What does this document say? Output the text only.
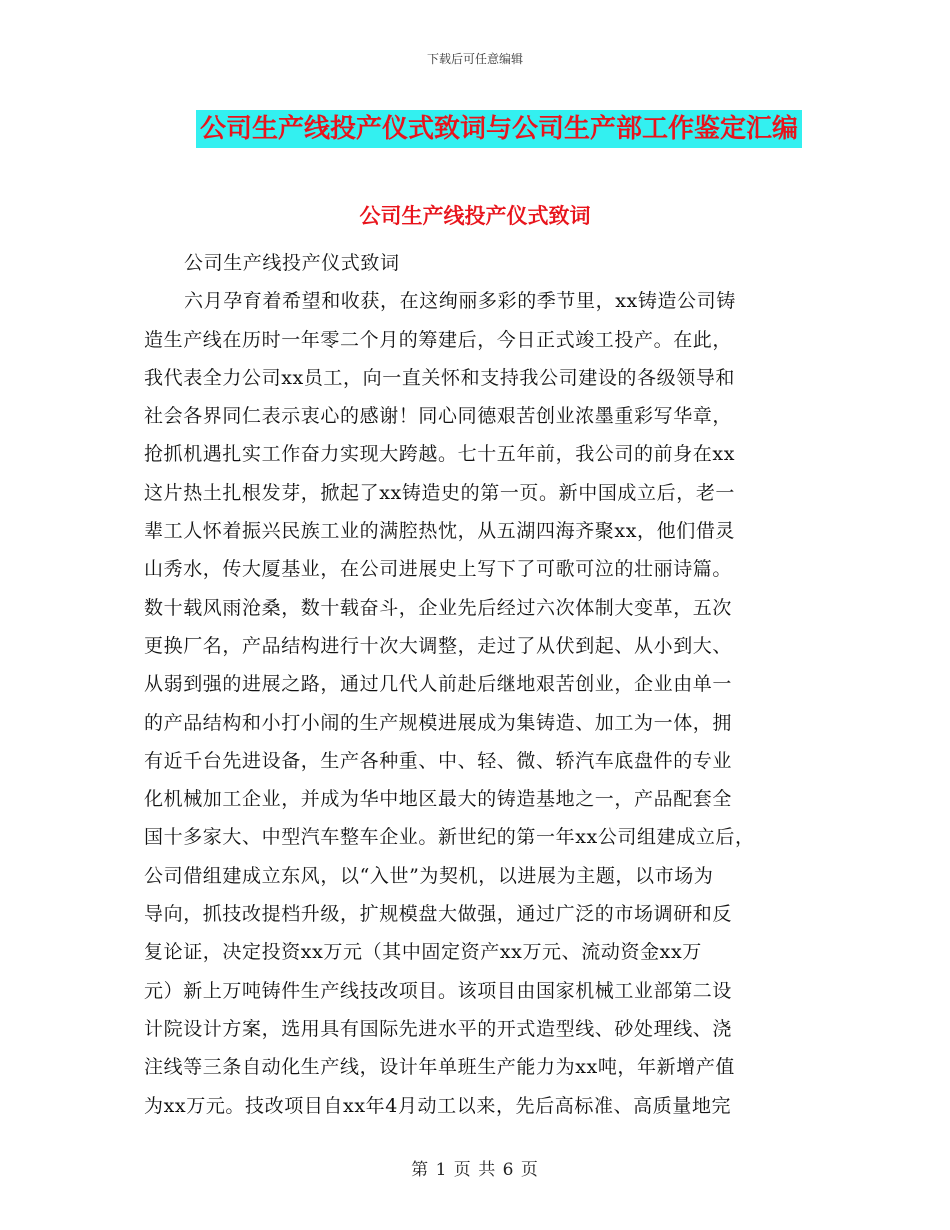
下载后可任意编辑
公司生产线投产仪式致词与公司生产部工作鉴定汇编
公司生产线投产仪式致词
公司生产线投产仪式致词
六月孕育着希望和收获，在这绚丽多彩的季节里，xx铸造公司铸
造生产线在历时一年零二个月的筹建后，今日正式竣工投产。在此，
我代表全力公司xx员工，向一直关怀和支持我公司建设的各级领导和
社会各界同仁表示衷心的感谢！同心同德艰苦创业浓墨重彩写华章，
抢抓机遇扎实工作奋力实现大跨越。七十五年前，我公司的前身在xx
这片热土扎根发芽，掀起了xx铸造史的第一页。新中国成立后，老一
辈工人怀着振兴民族工业的满腔热忱，从五湖四海齐聚xx，他们借灵
山秀水，传大厦基业，在公司进展史上写下了可歌可泣的壮丽诗篇。
数十载风雨沧桑，数十载奋斗，企业先后经过六次体制大变革，五次
更换厂名，产品结构进行十次大调整，走过了从伏到起、从小到大、
从弱到强的进展之路，通过几代人前赴后继地艰苦创业，企业由单一
的产品结构和小打小闹的生产规模进展成为集铸造、加工为一体，拥
有近千台先进设备，生产各种重、中、轻、微、轿汽车底盘件的专业
化机械加工企业，并成为华中地区最大的铸造基地之一，产品配套全
国十多家大、中型汽车整车企业。新世纪的第一年xx公司组建成立后，
公司借组建成立东风，以“入世”为契机，以进展为主题，以市场为
导向，抓技改提档升级，扩规模盘大做强，通过广泛的市场调研和反
复论证，决定投资xx万元（其中固定资产xx万元、流动资金xx万
元）新上万吨铸件生产线技改项目。该项目由国家机械工业部第二设
计院设计方案，选用具有国际先进水平的开式造型线、砂处理线、浇
注线等三条自动化生产线，设计年单班生产能力为xx吨，年新增产值
为xx万元。技改项目自xx年4月动工以来，先后高标准、高质量地完
第 1 页 共 6 页
